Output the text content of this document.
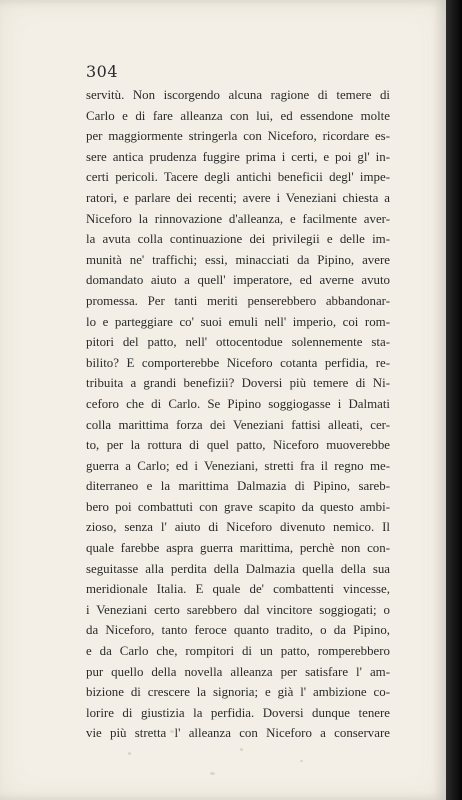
304
servitù. Non iscorgendo alcuna ragione di temere di
Carlo e di fare alleanza con lui, ed essendone molte
per maggiormente stringerla con Niceforo, ricordare es-
sere antica prudenza fuggire prima i certi, e poi gl' in-
certi pericoli. Tacere degli antichi beneficii degl' impe-
ratori, e parlare dei recenti; avere i Veneziani chiesta a
Niceforo la rinnovazione d'alleanza, e facilmente aver-
la avuta colla continuazione dei privilegii e delle im-
munità ne' traffichi; essi, minacciati da Pipino, avere
domandato aiuto a quell' imperatore, ed averne avuto
promessa. Per tanti meriti penserebbero abbandonar-
lo e parteggiare co' suoi emuli nell' imperio, coi rom-
pitori del patto, nell' ottocentodue solennemente sta-
bilito? E comporterebbe Niceforo cotanta perfidia, re-
tribuita a grandi benefizii? Doversi più temere di Ni-
ceforo che di Carlo. Se Pipino soggiogasse i Dalmati
colla marittima forza dei Veneziani fattisi alleati, cer-
to, per la rottura di quel patto, Niceforo muoverebbe
guerra a Carlo; ed i Veneziani, stretti fra il regno me-
diterraneo e la marittima Dalmazia di Pipino, sareb-
bero poi combattuti con grave scapito da questo ambi-
zioso, senza l' aiuto di Niceforo divenuto nemico. Il
quale farebbe aspra guerra marittima, perchè non con-
seguitasse alla perdita della Dalmazia quella della sua
meridionale Italia. E quale de' combattenti vincesse,
i Veneziani certo sarebbero dal vincitore soggiogati; o
da Niceforo, tanto feroce quanto tradito, o da Pipino,
e da Carlo che, rompitori di un patto, romperebbero
pur quello della novella alleanza per satisfare l' am-
bizione di crescere la signoria; e già l' ambizione co-
lorire di giustizia la perfidia. Doversi dunque tenere
vie più stretta l' alleanza con Niceforo a conservare
